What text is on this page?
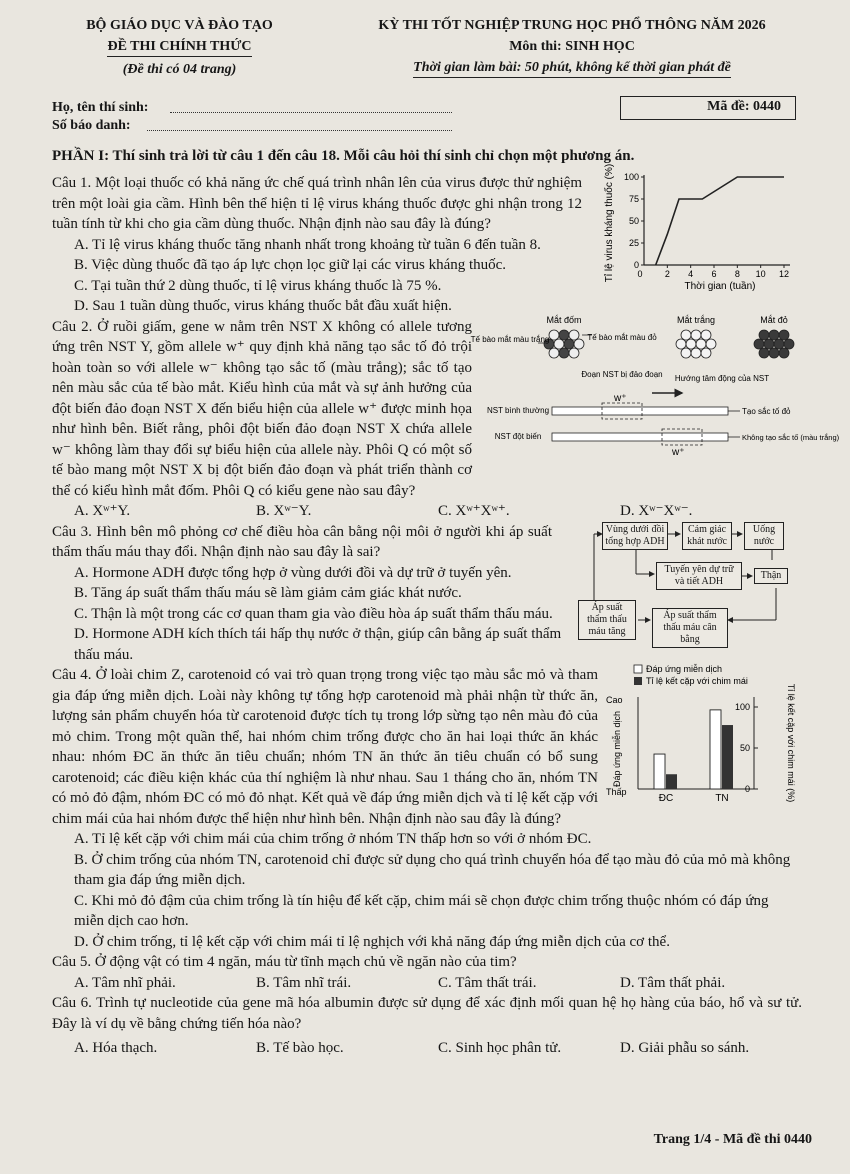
BỘ GIÁO DỤC VÀ ĐÀO TẠO
ĐỀ THI CHÍNH THỨC
(Đề thi có 04 trang)
KỲ THI TỐT NGHIỆP TRUNG HỌC PHỔ THÔNG NĂM 2026
Môn thi: SINH HỌC
Thời gian làm bài: 50 phút, không kể thời gian phát đề
Họ, tên thí sinh:
Số báo danh:
Mã đề: 0440
PHẦN I: Thí sinh trả lời từ câu 1 đến câu 18. Mỗi câu hỏi thí sinh chỉ chọn một phương án.
Câu 1. Một loại thuốc có khả năng ức chế quá trình nhân lên của virus được thử nghiệm trên một loài gia cầm. Hình bên thể hiện tỉ lệ virus kháng thuốc được ghi nhận trong 12 tuần tính từ khi cho gia cầm dùng thuốc. Nhận định nào sau đây là đúng?
A. Tỉ lệ virus kháng thuốc tăng nhanh nhất trong khoảng từ tuần 6 đến tuần 8.
B. Việc dùng thuốc đã tạo áp lực chọn lọc giữ lại các virus kháng thuốc.
C. Tại tuần thứ 2 dùng thuốc, tỉ lệ virus kháng thuốc là 75 %.
D. Sau 1 tuần dùng thuốc, virus kháng thuốc bắt đầu xuất hiện.
Tỉ lệ virus kháng thuốc (%) 0
25
50
75
100
0 2 4 6 8 10 12
Thời gian (tuần)
Câu 2. Ở ruồi giấm, gene w nằm trên NST X không có allele tương ứng trên NST Y, gồm allele w⁺ quy định khả năng tạo sắc tố đỏ trội hoàn toàn so với allele w⁻ không tạo sắc tố (màu trắng); sắc tố tạo nên màu sắc của tế bào mắt. Kiểu hình của mắt và sự ảnh hưởng của đột biến đảo đoạn NST X đến biểu hiện của allele w⁺ được minh họa như hình bên. Biết rằng, phôi đột biến đảo đoạn NST X chứa allele w⁻ không làm thay đổi sự biểu hiện của allele này. Phôi Q có một số tế bào mang một NST X bị đột biến đảo đoạn và phát triển thành cơ thể có kiểu hình mắt đốm. Phôi Q có kiểu gene nào sau đây?
Mắt đốm	Mắt trắng	Mắt đỏ
Tế bào mắt màu trắng	Tế bào mắt màu đỏ
Đoạn NST bị đảo đoạn Hướng tâm động của NST
NST bình thường
w⁺
Tạo sắc tố đỏ
NST đột biến
w⁺
Không tạo sắc tố (màu trắng)
A. Xʷ⁺Y.	B. Xʷ⁻Y.	C. Xʷ⁺Xʷ⁺.	D. Xʷ⁻Xʷ⁻.
Câu 3. Hình bên mô phỏng cơ chế điều hòa cân bằng nội môi ở người khi áp suất thẩm thấu máu thay đổi. Nhận định nào sau đây là sai?
A. Hormone ADH được tổng hợp ở vùng dưới đồi và dự trữ ở tuyến yên.
B. Tăng áp suất thẩm thấu máu sẽ làm giảm cảm giác khát nước.
C. Thận là một trong các cơ quan tham gia vào điều hòa áp suất thẩm thấu máu.
D. Hormone ADH kích thích tái hấp thụ nước ở thận, giúp cân bằng áp suất thẩm thấu máu.
Vùng dưới đồi tổng hợp ADH
Cảm giác khát nước
Uống nước
Tuyến yên dự trữ và tiết ADH
Thận
Áp suất thẩm thấu máu tăng
Áp suất thẩm thấu máu cân bằng
Câu 4. Ở loài chim Z, carotenoid có vai trò quan trọng trong việc tạo màu sắc mỏ và tham gia đáp ứng miễn dịch. Loài này không tự tổng hợp carotenoid mà phải nhận từ thức ăn, lượng sản phẩm chuyển hóa từ carotenoid được tích tụ trong lớp sừng tạo nên màu đỏ của mỏ chim. Trong một quần thể, hai nhóm chim trống được cho ăn hai loại thức ăn khác nhau: nhóm ĐC ăn thức ăn tiêu chuẩn; nhóm TN ăn thức ăn tiêu chuẩn có bổ sung carotenoid; các điều kiện khác của thí nghiệm là như nhau. Sau 1 tháng cho ăn, nhóm TN có mỏ đỏ đậm, nhóm ĐC có mỏ đỏ nhạt. Kết quả về đáp ứng miễn dịch và tỉ lệ kết cặp với chim mái của hai nhóm được thể hiện như hình bên. Nhận định nào sau đây là đúng?
Đáp ứng miễn dịch
Tỉ lệ kết cặp với chim mái
Cao
Thấp
Đáp ứng miễn dịch
0
50
100
ĐC	TN	Tỉ lệ kết cặp với chim mái (%)
A. Tỉ lệ kết cặp với chim mái của chim trống ở nhóm TN thấp hơn so với ở nhóm ĐC.
B. Ở chim trống của nhóm TN, carotenoid chỉ được sử dụng cho quá trình chuyển hóa để tạo màu đỏ của mỏ mà không tham gia đáp ứng miễn dịch.
C. Khi mỏ đỏ đậm của chim trống là tín hiệu để kết cặp, chim mái sẽ chọn được chim trống thuộc nhóm có đáp ứng miễn dịch cao hơn.
D. Ở chim trống, tỉ lệ kết cặp với chim mái tỉ lệ nghịch với khả năng đáp ứng miễn dịch của cơ thể.
Câu 5. Ở động vật có tim 4 ngăn, máu từ tĩnh mạch chủ về ngăn nào của tim?
A. Tâm nhĩ phải.	B. Tâm nhĩ trái.	C. Tâm thất trái.	D. Tâm thất phải.
Câu 6. Trình tự nucleotide của gene mã hóa albumin được sử dụng để xác định mối quan hệ họ hàng của báo, hổ và sư tử. Đây là ví dụ về bằng chứng tiến hóa nào?
A. Hóa thạch.	B. Tế bào học.	C. Sinh học phân tử.	D. Giải phẫu so sánh.
Trang 1/4 - Mã đề thi 0440
